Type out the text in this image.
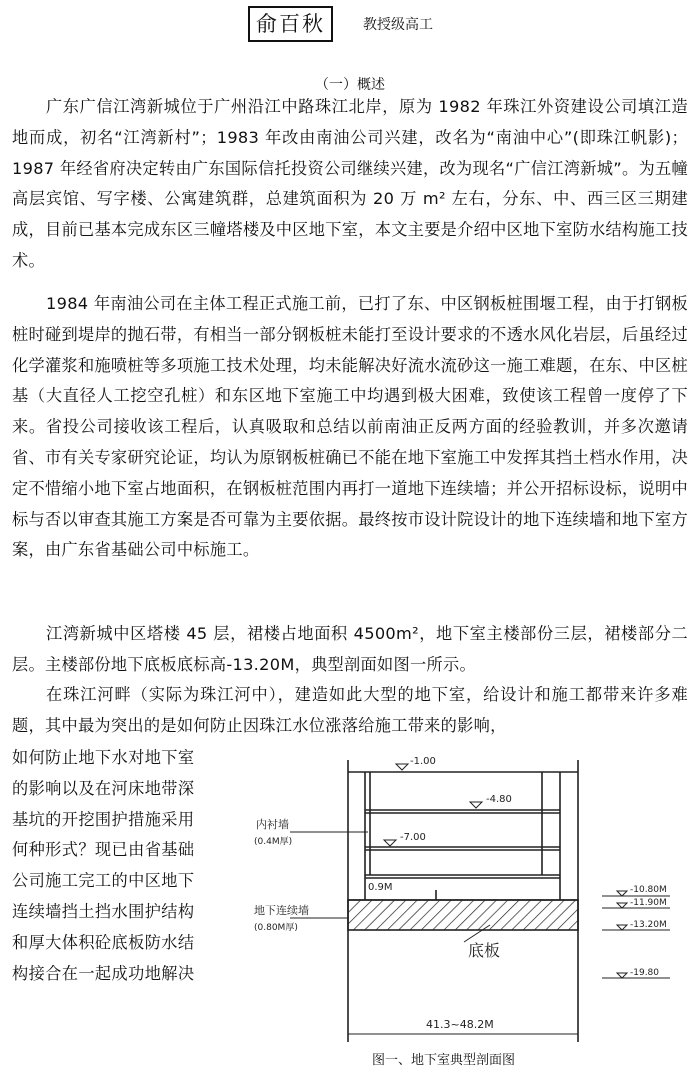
俞百秋	教授级高工
（一）概述

广东广信江湾新城位于广州沿江中路珠江北岸，原为 1982 年珠江外资建设公司填江造地而成，初名“江湾新村”；1983 年改由南油公司兴建，改名为“南油中心”(即珠江帆影)；1987 年经省府决定转由广东国际信托投资公司继续兴建，改为现名“广信江湾新城”。为五幢高层宾馆、写字楼、公寓建筑群，总建筑面积为 20 万 m² 左右，分东、中、西三区三期建成，目前已基本完成东区三幢塔楼及中区地下室，本文主要是介绍中区地下室防水结构施工技术。

1984 年南油公司在主体工程正式施工前，已打了东、中区钢板桩围堰工程，由于打钢板桩时碰到堤岸的抛石带，有相当一部分钢板桩未能打至设计要求的不透水风化岩层，后虽经过化学灌浆和施喷桩等多项施工技术处理，均未能解决好流水流砂这一施工难题，在东、中区桩基（大直径人工挖空孔桩）和东区地下室施工中均遇到极大困难，致使该工程曾一度停了下来。省投公司接收该工程后，认真吸取和总结以前南油正反两方面的经验教训，并多次邀请省、市有关专家研究论证，均认为原钢板桩确已不能在地下室施工中发挥其挡土档水作用，决定不惜缩小地下室占地面积，在钢板桩范围内再打一道地下连续墙；并公开招标设标，说明中标与否以审查其施工方案是否可靠为主要依据。最终按市设计院设计的地下连续墙和地下室方案，由广东省基础公司中标施工。

江湾新城中区塔楼 45 层，裙楼占地面积 4500m²，地下室主楼部份三层，裙楼部分二层。主楼部份地下底板底标高-13.20M，典型剖面如图一所示。

在珠江河畔（实际为珠江河中），建造如此大型的地下室，给设计和施工都带来许多难题，其中最为突出的是如何防止因珠江水位涨落给施工带来的影响，

如何防止地下水对地下室
的影响以及在河床地带深
基坑的开挖围护措施采用
何种形式？现已由省基础
公司施工完工的中区地下
连续墙挡土挡水围护结构
和厚大体积砼底板防水结
构接合在一起成功地解决
-1.00
-4.80
-7.00
0.9M
内衬墙
(0.4M厚)
地下连续墙
(0.80M厚)
底板
41.3~48.2M
-10.80M
-11.90M
-13.20M
-19.80
图一、地下室典型剖面图
